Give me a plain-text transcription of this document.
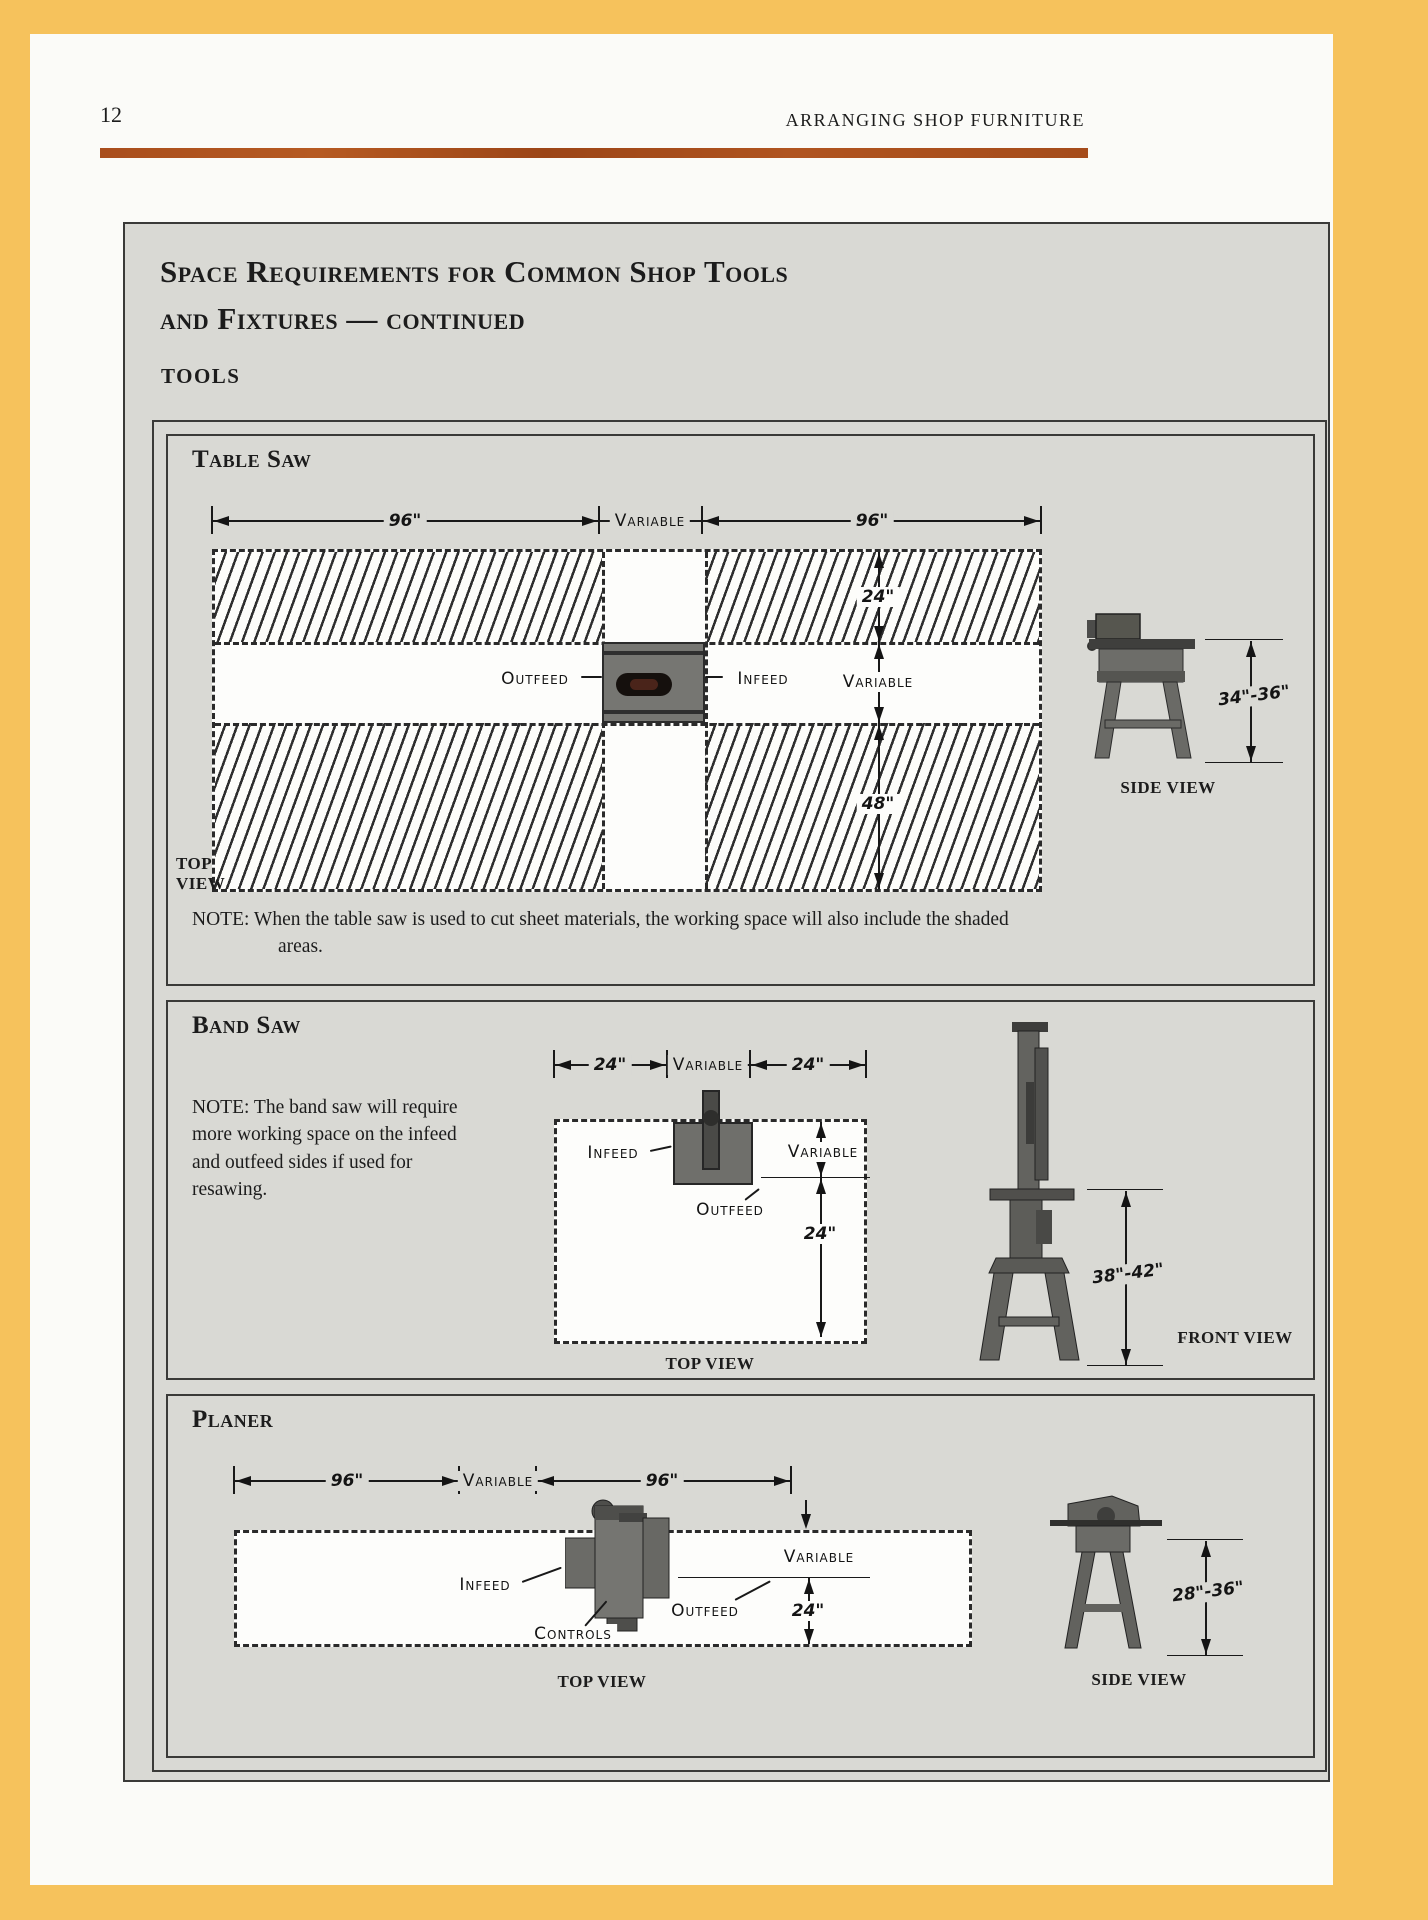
12	ARRANGING SHOP FURNITURE
Space Requirements for Common Shop Tools
and Fixtures — continued
TOOLS
Table Saw
96"	Variable	96"
Outfeed	Infeed
24"
Variable
48"
TOP VIEW
34"-36"
SIDE VIEW

NOTE: When the table saw is used to cut sheet materials, the working space will also include the shaded areas.

Band Saw

NOTE: The band saw will require more working space on the infeed and outfeed sides if used for resawing.

24"	Variable	24"
Infeed
Outfeed
Variable
24"
TOP VIEW
38"-42"
FRONT VIEW
Planer
96"	Variable	96"
Variable
24"
Infeed
Controls
Outfeed
TOP VIEW
28"-36"
SIDE VIEW
